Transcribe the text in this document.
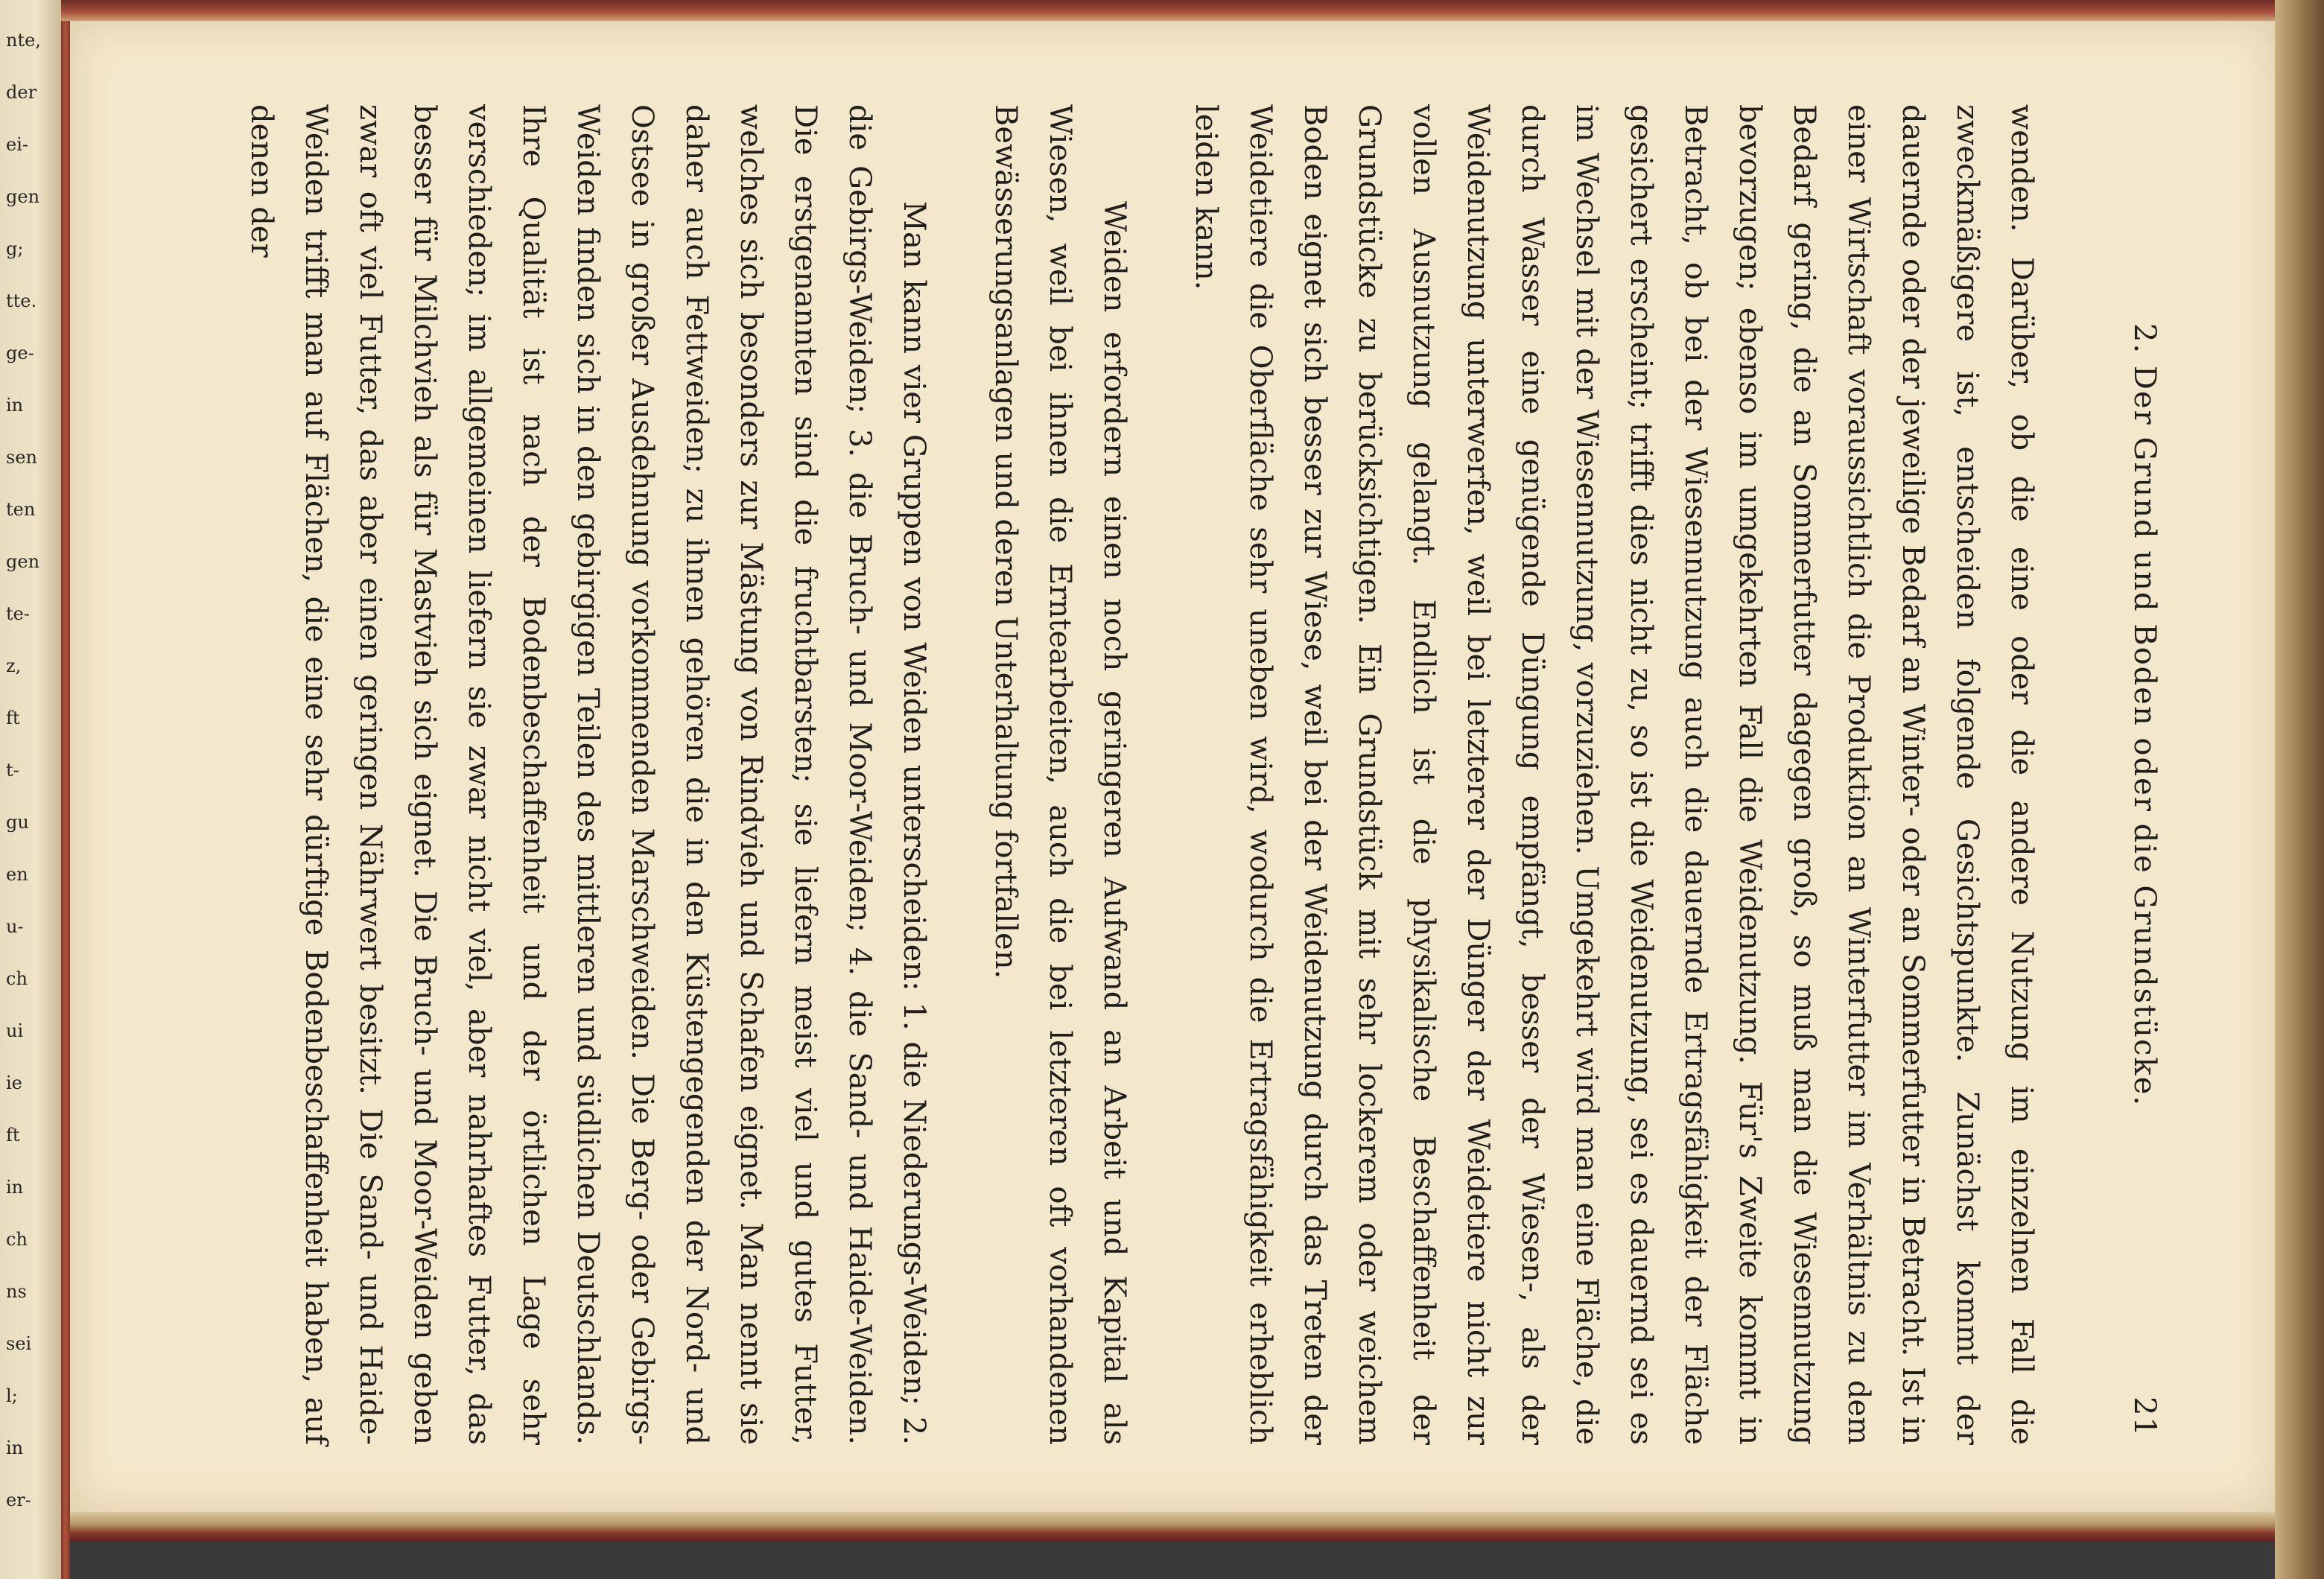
nte,
der
ei-
gen
g;
tte.
ge-
in
sen
ten
gen
te-
z,
ft
t-
gu
en
u-
ch
ui
ie
ft
in
ch
ns
sei
l;
in
er-
2. Der Grund und Boden oder die Grundstücke.
21

wenden. Darüber, ob die eine oder die andere Nutzung im einzelnen Fall die zweckmäßigere ist, entscheiden folgende Gesichtspunkte. Zunächst kommt der dauernde oder der jeweilige Bedarf an Winter- oder an Sommerfutter in Betracht. Ist in einer Wirtschaft voraussichtlich die Produktion an Winterfutter im Verhältnis zu dem Bedarf gering, die an Sommerfutter dagegen groß, so muß man die Wiesennutzung bevorzugen; ebenso im umgekehrten Fall die Weidenutzung. Für's Zweite kommt in Betracht, ob bei der Wiesennutzung auch die dauernde Ertragsfähigkeit der Fläche gesichert erscheint; trifft dies nicht zu, so ist die Weidenutzung, sei es dauernd sei es im Wechsel mit der Wiesennutzung, vorzuziehen. Umgekehrt wird man eine Fläche, die durch Wasser eine genügende Düngung empfängt, besser der Wiesen-, als der Weidenutzung unterwerfen, weil bei letzterer der Dünger der Weidetiere nicht zur vollen Ausnutzung gelangt. Endlich ist die physikalische Beschaffenheit der Grundstücke zu berücksichtigen. Ein Grundstück mit sehr lockerem oder weichem Boden eignet sich besser zur Wiese, weil bei der Weidenutzung durch das Treten der Weidetiere die Oberfläche sehr uneben wird, wodurch die Ertragsfähigkeit erheblich leiden kann.

Weiden erfordern einen noch geringeren Aufwand an Arbeit und Kapital als Wiesen, weil bei ihnen die Erntearbeiten, auch die bei letzteren oft vorhandenen Bewässerungsanlagen und deren Unterhaltung fortfallen.

Man kann vier Gruppen von Weiden unterscheiden: 1. die Niederungs-Weiden; 2. die Gebirgs-Weiden; 3. die Bruch- und Moor-Weiden; 4. die Sand- und Haide-Weiden. Die erstgenannten sind die fruchtbarsten; sie liefern meist viel und gutes Futter, welches sich besonders zur Mästung von Rindvieh und Schafen eignet. Man nennt sie daher auch Fettweiden; zu ihnen gehören die in den Küstengegenden der Nord- und Ostsee in großer Ausdehnung vorkommenden Marschweiden. Die Berg- oder Gebirgs-Weiden finden sich in den gebirgigen Teilen des mittleren und südlichen Deutschlands. Ihre Qualität ist nach der Bodenbeschaffenheit und der örtlichen Lage sehr verschieden; im allgemeinen liefern sie zwar nicht viel, aber nahrhaftes Futter, das besser für Milchvieh als für Mastvieh sich eignet. Die Bruch- und Moor-Weiden geben zwar oft viel Futter, das aber einen geringen Nährwert besitzt. Die Sand- und Haide-Weiden trifft man auf Flächen, die eine sehr dürftige Bodenbeschaffenheit haben, auf denen der
